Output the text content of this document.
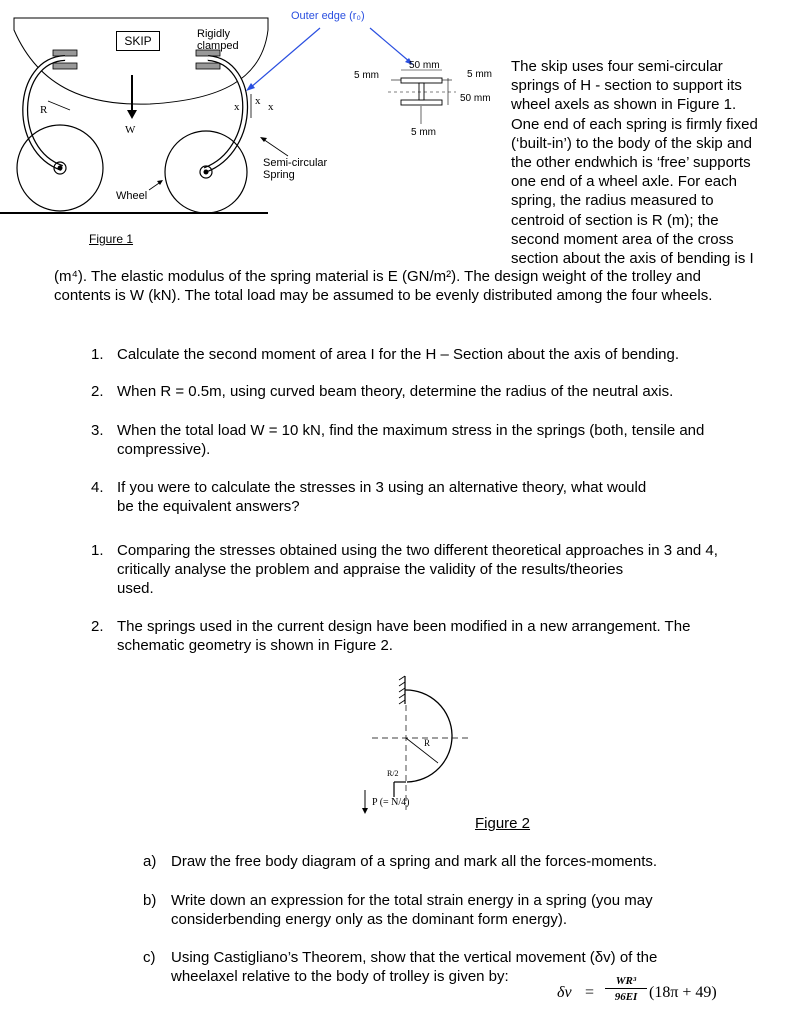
SKIP	Rigidly
clamped
Outer edge (r₀)
W
R	x x x
Wheel
Semi-circular
Spring
Figure 1
50 mm
5 mm	5 mm
50 mm
5 mm
The skip uses four semi-circular
springs of H - section to support its
wheel axels as shown in Figure 1.
One end of each spring is firmly fixed
(‘built-in’) to the body of the skip and
the other endwhich is ‘free’ supports
one end of a wheel axle. For each
spring, the radius measured to
centroid of section is R (m); the
second moment area of the cross
section about the axis of bending is I
(m⁴). The elastic modulus of the spring material is E (GN/m²). The design weight of the trolley and
contents is W (kN). The total load may be assumed to be evenly distributed among the four wheels.
1. Calculate the second moment of area I for the H – Section about the axis of bending.
2. When R = 0.5m, using curved beam theory, determine the radius of the neutral axis.
3. When the total load W = 10 kN, find the maximum stress in the springs (both, tensile and
compressive).
4. If you were to calculate the stresses in 3 using an alternative theory, what would
be the equivalent answers?
1. Comparing the stresses obtained using the two different theoretical approaches in 3 and 4,
critically analyse the problem and appraise the validity of the results/theories
used.
2. The springs used in the current design have been modified in a new arrangement. The
schematic geometry is shown in Figure 2.
R
R/2
P (= N/4)
Figure 2
a) Draw the free body diagram of a spring and mark all the forces-moments.
b) Write down an expression for the total strain energy in a spring (you may
considerbending energy only as the dominant form energy).
c) Using Castigliano’s Theorem, show that the vertical movement (δv) of the
wheelaxel relative to the body of trolley is given by:
δv =
WR³
96EI (18π + 49)
